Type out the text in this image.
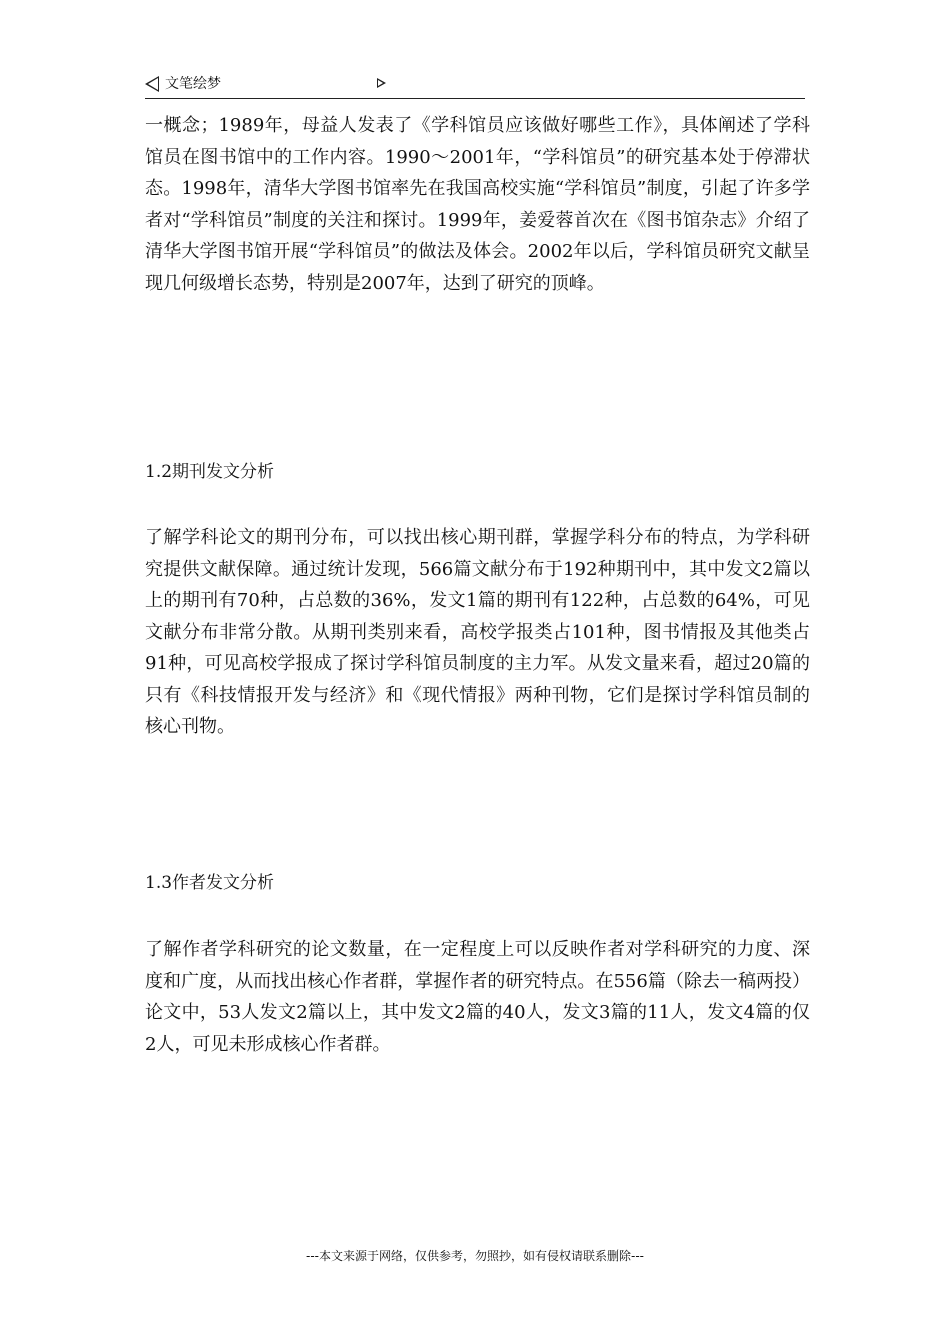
文笔绘梦

一概念；1989年，母益人发表了《学科馆员应该做好哪些工作》，具体阐述了学科馆员在图书馆中的工作内容。1990～2001年，“学科馆员”的研究基本处于停滞状态。1998年，清华大学图书馆率先在我国高校实施“学科馆员”制度，引起了许多学者对“学科馆员”制度的关注和探讨。1999年，姜爱蓉首次在《图书馆杂志》介绍了清华大学图书馆开展“学科馆员”的做法及体会。2002年以后，学科馆员研究文献呈现几何级增长态势，特别是2007年，达到了研究的顶峰。

1.2期刊发文分析

了解学科论文的期刊分布，可以找出核心期刊群，掌握学科分布的特点，为学科研究提供文献保障。通过统计发现，566篇文献分布于192种期刊中，其中发文2篇以上的期刊有70种，占总数的36%，发文1篇的期刊有122种，占总数的64%，可见文献分布非常分散。从期刊类别来看，高校学报类占101种，图书情报及其他类占91种，可见高校学报成了探讨学科馆员制度的主力军。从发文量来看，超过20篇的只有《科技情报开发与经济》和《现代情报》两种刊物，它们是探讨学科馆员制的核心刊物。

1.3作者发文分析

了解作者学科研究的论文数量，在一定程度上可以反映作者对学科研究的力度、深度和广度，从而找出核心作者群，掌握作者的研究特点。在556篇（除去一稿两投）论文中，53人发文2篇以上，其中发文2篇的40人，发文3篇的11人，发文4篇的仅2人，可见未形成核心作者群。

---本文来源于网络，仅供参考，勿照抄，如有侵权请联系删除---
